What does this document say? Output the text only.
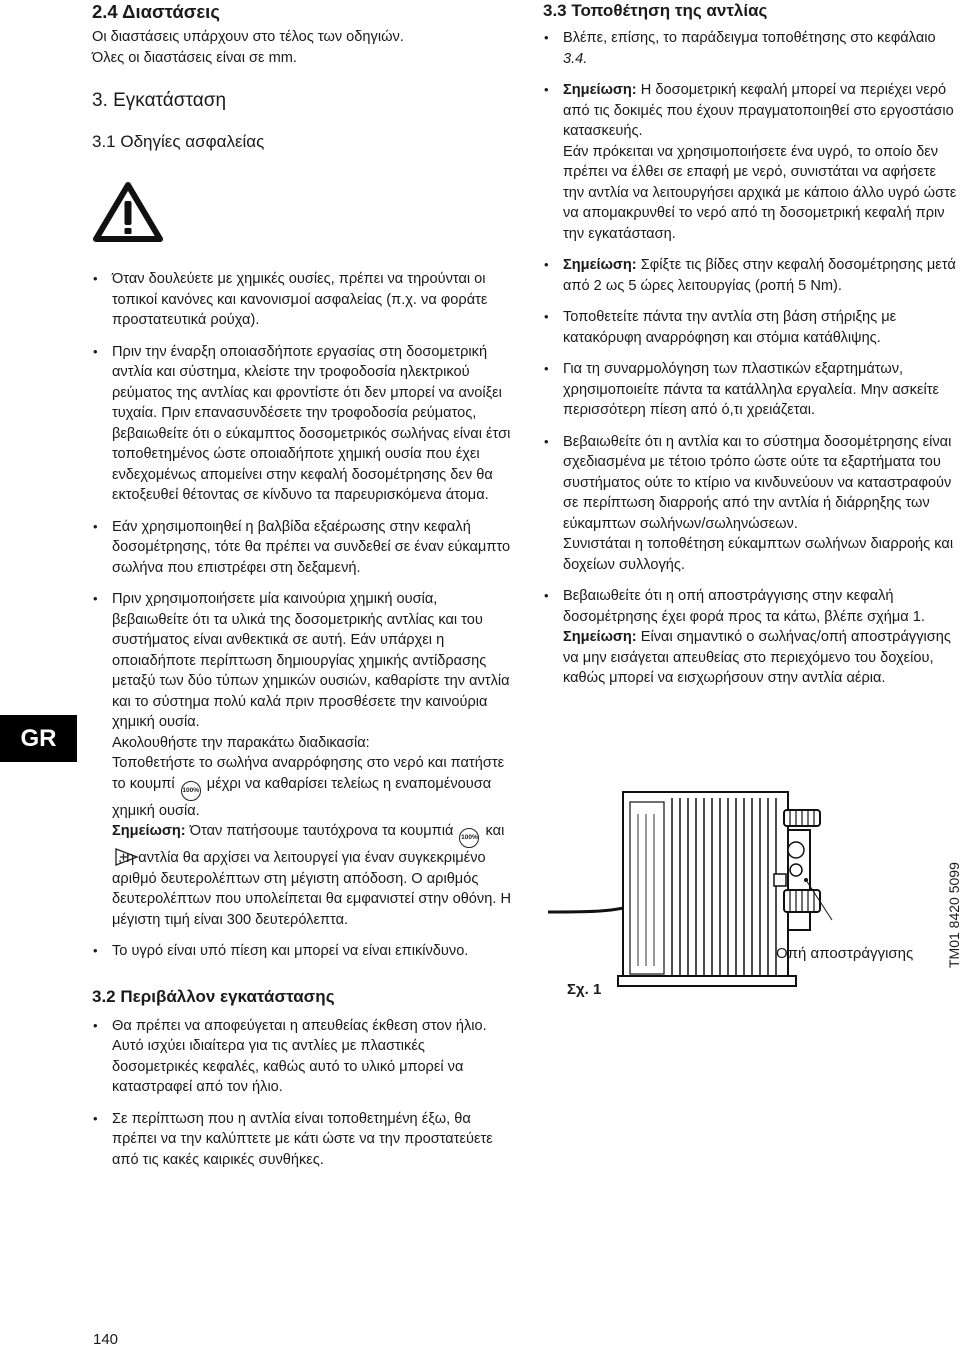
2.4 Διαστάσεις

Οι διαστάσεις υπάρχουν στο τέλος των οδηγιών.

Όλες οι διαστάσεις είναι σε mm.

3. Εγκατάσταση
3.1 Οδηγίες ασφαλείας
• Όταν δουλεύετε με χημικές ουσίες, πρέπει να τηρούνται οι τοπικοί κανόνες και κανονισμοί ασφαλείας (π.χ. να φοράτε προστατευτικά ρούχα).
• Πριν την έναρξη οποιασδήποτε εργασίας στη δοσομετρική αντλία και σύστημα, κλείστε την τροφοδοσία ηλεκτρικού ρεύματος της αντλίας και φροντίστε ότι δεν μπορεί να ανοίξει τυχαία. Πριν επανασυνδέσετε την τροφοδοσία ρεύματος, βεβαιωθείτε ότι ο εύκαμπτος δοσομετρικός σωλήνας είναι έτσι τοποθετημένος ώστε οποιαδήποτε χημική ουσία που έχει ενδεχομένως απομείνει στην κεφαλή δοσομέτρησης δεν θα εκτοξευθεί θέτοντας σε κίνδυνο τα παρευρισκόμενα άτομα.
• Εάν χρησιμοποιηθεί η βαλβίδα εξαέρωσης στην κεφαλή δοσομέτρησης, τότε θα πρέπει να συνδεθεί σε έναν εύκαμπτο σωλήνα που επιστρέφει στη δεξαμενή.

• Πριν χρησιμοποιήσετε μία καινούρια χημική ουσία, βεβαιωθείτε ότι τα υλικά της δοσομετρικής αντλίας και του συστήματος είναι ανθεκτικά σε αυτή. Εάν υπάρχει η οποιαδήποτε περίπτωση δημιουργίας χημικής αντίδρασης μεταξύ των δύο τύπων χημικών ουσιών, καθαρίστε την αντλία και το σύστημα πολύ καλά πριν προσθέσετε την καινούρια χημική ουσία.

Ακολουθήστε την παρακάτω διαδικασία:

Τοποθετήστε το σωλήνα αναρρόφησης στο νερό και πατήστε το κουμπί 100% μέχρι να καθαρίσει τελείως η εναπομένουσα χημική ουσία.

Σημείωση: Όταν πατήσουμε ταυτόχρονα τα κουμπιά 100% και , η αντλία θα αρχίσει να λειτουργεί για έναν συγκεκριμένο αριθμό δευτερολέπτων στη μέγιστη απόδοση. Ο αριθμός δευτερολέπτων που υπολείπεται θα εμφανιστεί στην οθόνη. Η μέγιστη τιμή είναι 300 δευτερόλεπτα.

• Το υγρό είναι υπό πίεση και μπορεί να είναι επικίνδυνο.
3.2 Περιβάλλον εγκατάστασης
• Θα πρέπει να αποφεύγεται η απευθείας έκθεση στον ήλιο. Αυτό ισχύει ιδιαίτερα για τις αντλίες με πλαστικές δοσομετρικές κεφαλές, καθώς αυτό το υλικό μπορεί να καταστραφεί από τον ήλιο.
• Σε περίπτωση που η αντλία είναι τοποθετημένη έξω, θα πρέπει να την καλύπτετε με κάτι ώστε να την προστατεύετε από τις κακές καιρικές συνθήκες.
3.3 Τοποθέτηση της αντλίας
• Βλέπε, επίσης, το παράδειγμα τοποθέτησης στο κεφάλαιο 3.4.

• Σημείωση: Η δοσομετρική κεφαλή μπορεί να περιέχει νερό από τις δοκιμές που έχουν πραγματοποιηθεί στο εργοστάσιο κατασκευής.

Εάν πρόκειται να χρησιμοποιήσετε ένα υγρό, το οποίο δεν πρέπει να έλθει σε επαφή με νερό, συνιστάται να αφήσετε την αντλία να λειτουργήσει αρχικά με κάποιο άλλο υγρό ώστε να απομακρυνθεί το νερό από τη δοσομετρική κεφαλή πριν την εγκατάσταση.

• Σημείωση: Σφίξτε τις βίδες στην κεφαλή δοσομέτρησης μετά από 2 ως 5 ώρες λειτουργίας (ροπή 5 Nm).
• Τοποθετείτε πάντα την αντλία στη βάση στήριξης με κατακόρυφη αναρρόφηση και στόμια κατάθλιψης.
• Για τη συναρμολόγηση των πλαστικών εξαρτημάτων, χρησιμοποιείτε πάντα τα κατάλληλα εργαλεία. Μην ασκείτε περισσότερη πίεση από ό,τι χρειάζεται.

• Βεβαιωθείτε ότι η αντλία και το σύστημα δοσομέτρησης είναι σχεδιασμένα με τέτοιο τρόπο ώστε ούτε τα εξαρτήματα του συστήματος ούτε το κτίριο να κινδυνεύουν να καταστραφούν σε περίπτωση διαρροής από την αντλία ή διάρρηξης των εύκαμπτων σωλήνων/σωληνώσεων.

Συνιστάται η τοποθέτηση εύκαμπτων σωλήνων διαρροής και δοχείων συλλογής.

• Βεβαιωθείτε ότι η οπή αποστράγγισης στην κεφαλή δοσομέτρησης έχει φορά προς τα κάτω, βλέπε σχήμα 1.

Σημείωση: Είναι σημαντικό ο σωλήνας/οπή αποστράγγισης να μην εισάγεται απευθείας στο περιεχόμενο του δοχείου, καθώς μπορεί να εισχωρήσουν στην αντλία αέρια.

Σχ. 1
Οπή αποστράγγισης TM01 8420 5099
GR
140
